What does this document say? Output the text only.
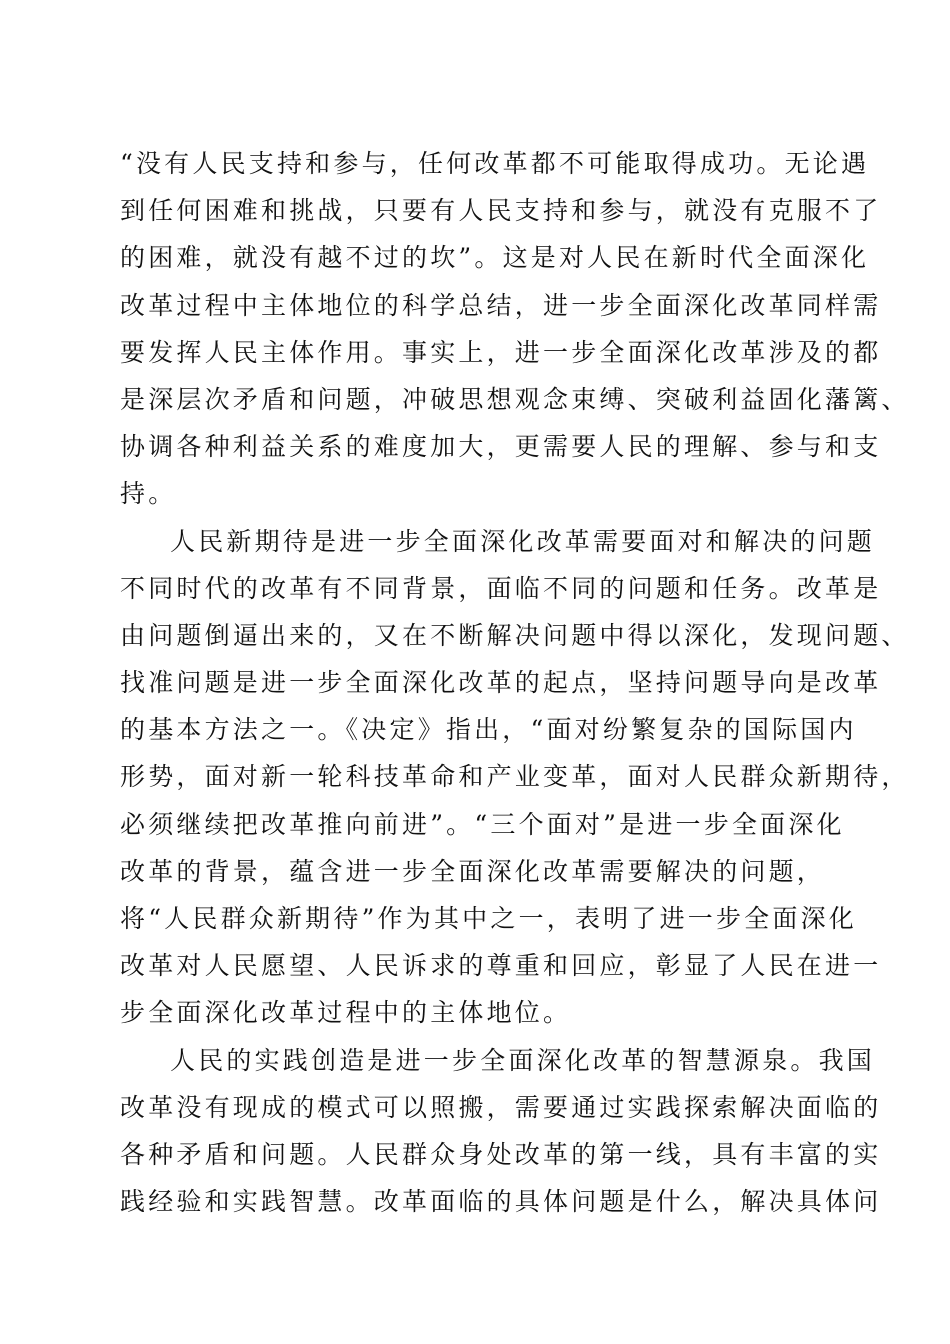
“没有人民支持和参与，任何改革都不可能取得成功。无论遇
到任何困难和挑战，只要有人民支持和参与，就没有克服不了
的困难，就没有越不过的坎”。这是对人民在新时代全面深化
改革过程中主体地位的科学总结，进一步全面深化改革同样需
要发挥人民主体作用。事实上，进一步全面深化改革涉及的都
是深层次矛盾和问题，冲破思想观念束缚、突破利益固化藩篱、
协调各种利益关系的难度加大，更需要人民的理解、参与和支
持。
人民新期待是进一步全面深化改革需要面对和解决的问题
不同时代的改革有不同背景，面临不同的问题和任务。改革是
由问题倒逼出来的，又在不断解决问题中得以深化，发现问题、
找准问题是进一步全面深化改革的起点，坚持问题导向是改革
的基本方法之一。《决定》指出，“面对纷繁复杂的国际国内
形势，面对新一轮科技革命和产业变革，面对人民群众新期待，
必须继续把改革推向前进”。“三个面对”是进一步全面深化
改革的背景，蕴含进一步全面深化改革需要解决的问题，
将“人民群众新期待”作为其中之一，表明了进一步全面深化
改革对人民愿望、人民诉求的尊重和回应，彰显了人民在进一
步全面深化改革过程中的主体地位。
人民的实践创造是进一步全面深化改革的智慧源泉。我国
改革没有现成的模式可以照搬，需要通过实践探索解决面临的
各种矛盾和问题。人民群众身处改革的第一线，具有丰富的实
践经验和实践智慧。改革面临的具体问题是什么，解决具体问
